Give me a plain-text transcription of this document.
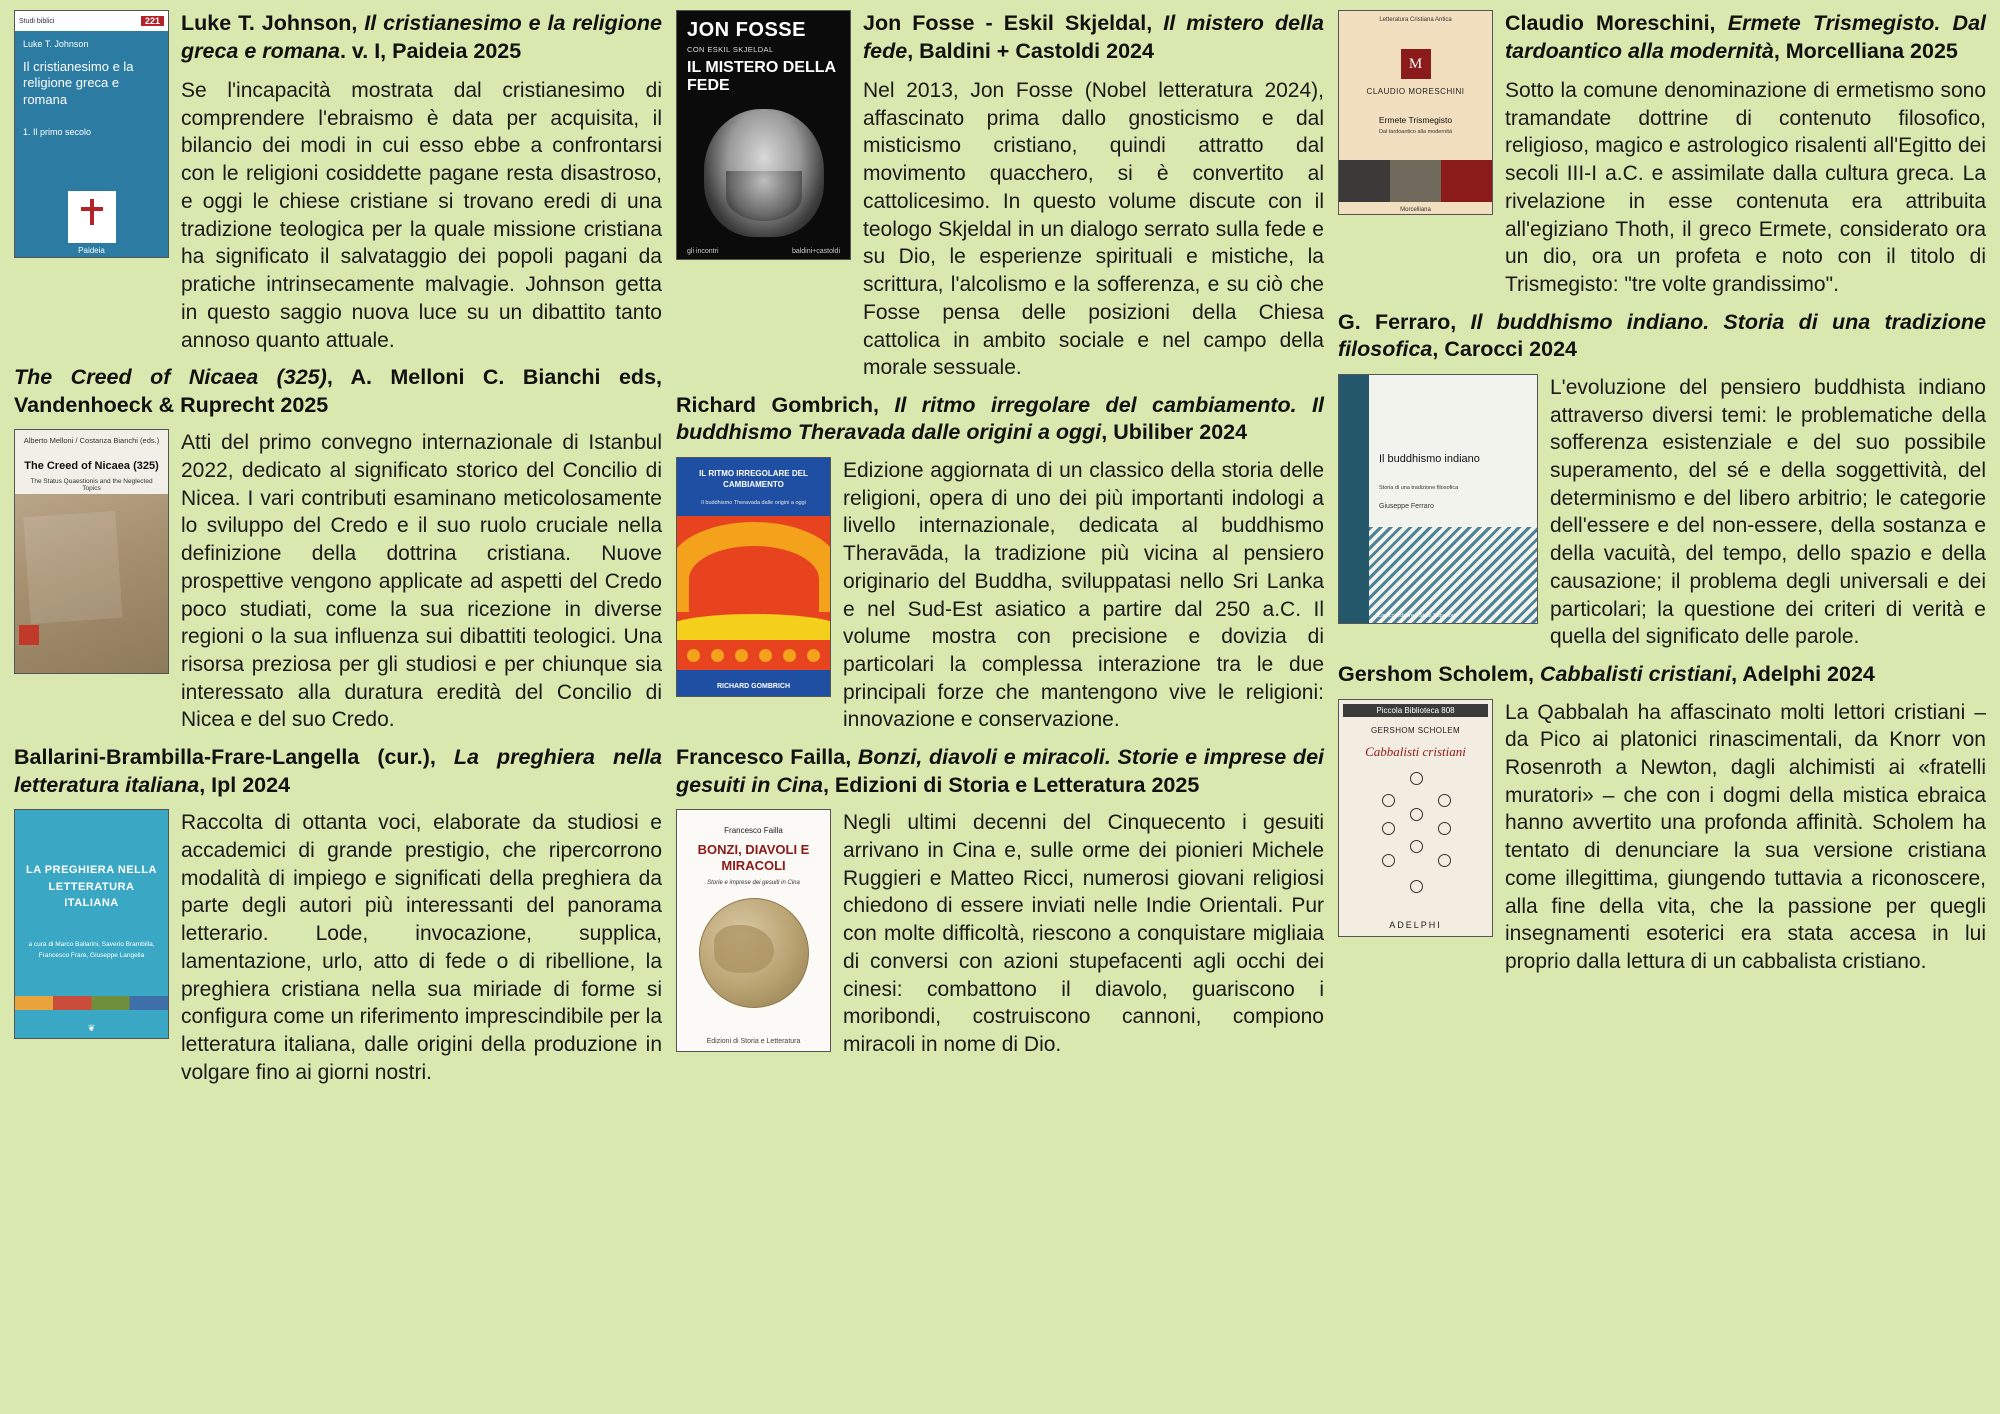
Studi biblici	221
Luke T. Johnson
Il cristianesimo e la religione greca e romana
1. Il primo secolo
Paideia
Luke T. Johnson, Il cristianesimo e la religione greca e romana. v. I, Paideia 2025

Se l'incapacità mostrata dal cristianesimo di comprendere l'ebraismo è data per acquisita, il bilancio dei modi in cui esso ebbe a confrontarsi con le religioni cosiddette pagane resta disastroso, e oggi le chiese cristiane si trovano eredi di una tradizione teologica per la quale missione cristiana ha significato il salvataggio dei popoli pagani da pratiche intrinsecamente malvagie. Johnson getta in questo saggio nuova luce su un dibattito tanto annoso quanto attuale.

The Creed of Nicaea (325), A. Melloni C. Bianchi eds, Vandenhoeck & Ruprecht 2025
Alberto Melloni / Costanza Bianchi (eds.)
The Creed of Nicaea (325)
The Status Quaestionis and the Neglected Topics

Atti del primo convegno internazionale di Istanbul 2022, dedicato al significato storico del Concilio di Nicea. I vari contributi esaminano meticolosamente lo sviluppo del Credo e il suo ruolo cruciale nella definizione della dottrina cristiana. Nuove prospettive vengono applicate ad aspetti del Credo poco studiati, come la sua ricezione in diverse regioni o la sua influenza sui dibattiti teologici. Una risorsa preziosa per gli studiosi e per chiunque sia interessato alla duratura eredità del Concilio di Nicea e del suo Credo.

Ballarini-Brambilla-Frare-Langella (cur.), La preghiera nella letteratura italiana, Ipl 2024
LA PREGHIERA NELLA LETTERATURA ITALIANA
a cura di Marco Ballarini, Saverio Brambilla, Francesco Frare, Giuseppe Langella
❦

Raccolta di ottanta voci, elaborate da studiosi e accademici di grande prestigio, che ripercorrono modalità di impiego e significati della preghiera da parte degli autori più interessanti del panorama letterario. Lode, invocazione, supplica, lamentazione, urlo, atto di fede o di ribellione, la preghiera cristiana nella sua miriade di forme si configura come un riferimento imprescindibile per la letteratura italiana, dalle origini della produzione in volgare fino ai giorni nostri.

JON FOSSE
CON ESKIL SKJELDAL
IL MISTERO DELLA FEDE
gli incontri	baldini+castoldi
Jon Fosse - Eskil Skjeldal, Il mistero della fede, Baldini + Castoldi 2024

Nel 2013, Jon Fosse (Nobel letteratura 2024), affascinato prima dallo gnosticismo e dal misticismo cristiano, quindi attratto dal movimento quacchero, si è convertito al cattolicesimo. In questo volume discute con il teologo Skjeldal in un dialogo serrato sulla fede e su Dio, le esperienze spirituali e mistiche, la scrittura, l'alcolismo e la sofferenza, e su ciò che Fosse pensa delle posizioni della Chiesa cattolica in ambito sociale e nel campo della morale sessuale.

Richard Gombrich, Il ritmo irregolare del cambiamento. Il buddhismo Theravada dalle origini a oggi, Ubiliber 2024
IL RITMO IRREGOLARE DEL CAMBIAMENTO
Il buddhismo Theravada dalle origini a oggi
RICHARD GOMBRICH

Edizione aggiornata di un classico della storia delle religioni, opera di uno dei più importanti indologi a livello internazionale, dedicata al buddhismo Theravāda, la tradizione più vicina al pensiero originario del Buddha, sviluppatasi nello Sri Lanka e nel Sud-Est asiatico a partire dal 250 a.C. Il volume mostra con precisione e dovizia di particolari la complessa interazione tra le due principali forze che mantengono vive le religioni: innovazione e conservazione.

Francesco Failla, Bonzi, diavoli e miracoli. Storie e imprese dei gesuiti in Cina, Edizioni di Storia e Letteratura 2025
Francesco Failla
BONZI, DIAVOLI E MIRACOLI
Storie e imprese dei gesuiti in Cina
Edizioni di Storia e Letteratura

Negli ultimi decenni del Cinquecento i gesuiti arrivano in Cina e, sulle orme dei pionieri Michele Ruggieri e Matteo Ricci, numerosi giovani religiosi chiedono di essere inviati nelle Indie Orientali. Pur con molte difficoltà, riescono a conquistare migliaia di conversi con azioni stupefacenti agli occhi dei cinesi: combattono il diavolo, guariscono i moribondi, costruiscono cannoni, compiono miracoli in nome di Dio.

Letteratura Cristiana Antica
M
CLAUDIO MORESCHINI
Ermete Trismegisto
Dal tardoantico alla modernità
Morcelliana
Claudio Moreschini, Ermete Trismegisto. Dal tardoantico alla modernità, Morcelliana 2025

Sotto la comune denominazione di ermetismo sono tramandate dottrine di contenuto filosofico, religioso, magico e astrologico risalenti all'Egitto dei secoli III-I a.C. e assimilate dalla cultura greca. La rivelazione in esse contenuta era attribuita all'egiziano Thoth, il greco Ermete, considerato ora un dio, ora un profeta e noto con il titolo di Trismegisto: "tre volte grandissimo".

G. Ferraro, Il buddhismo indiano. Storia di una tradizione filosofica, Carocci 2024
Il buddhismo indiano
Storia di una tradizione filosofica
Giuseppe Ferraro
Carocci editore · Studi Superiori

L'evoluzione del pensiero buddhista indiano attraverso diversi temi: le problematiche della sofferenza esistenziale e del suo possibile superamento, del sé e della soggettività, del determinismo e del libero arbitrio; le categorie dell'essere e del non-essere, della sostanza e della vacuità, del tempo, dello spazio e della causazione; il problema degli universali e dei particolari; la questione dei criteri di verità e quella del significato delle parole.

Gershom Scholem, Cabbalisti cristiani, Adelphi 2024
Piccola Biblioteca 808
GERSHOM SCHOLEM
Cabbalisti cristiani
ADELPHI

La Qabbalah ha affascinato molti lettori cristiani – da Pico ai platonici rinascimentali, da Knorr von Rosenroth a Newton, dagli alchimisti ai «fratelli muratori» – che con i dogmi della mistica ebraica hanno avvertito una profonda affinità. Scholem ha tentato di denunciare la sua versione cristiana come illegittima, giungendo tuttavia a riconoscere, alla fine della vita, che la passione per quegli insegnamenti esoterici era stata accesa in lui proprio dalla lettura di un cabbalista cristiano.
